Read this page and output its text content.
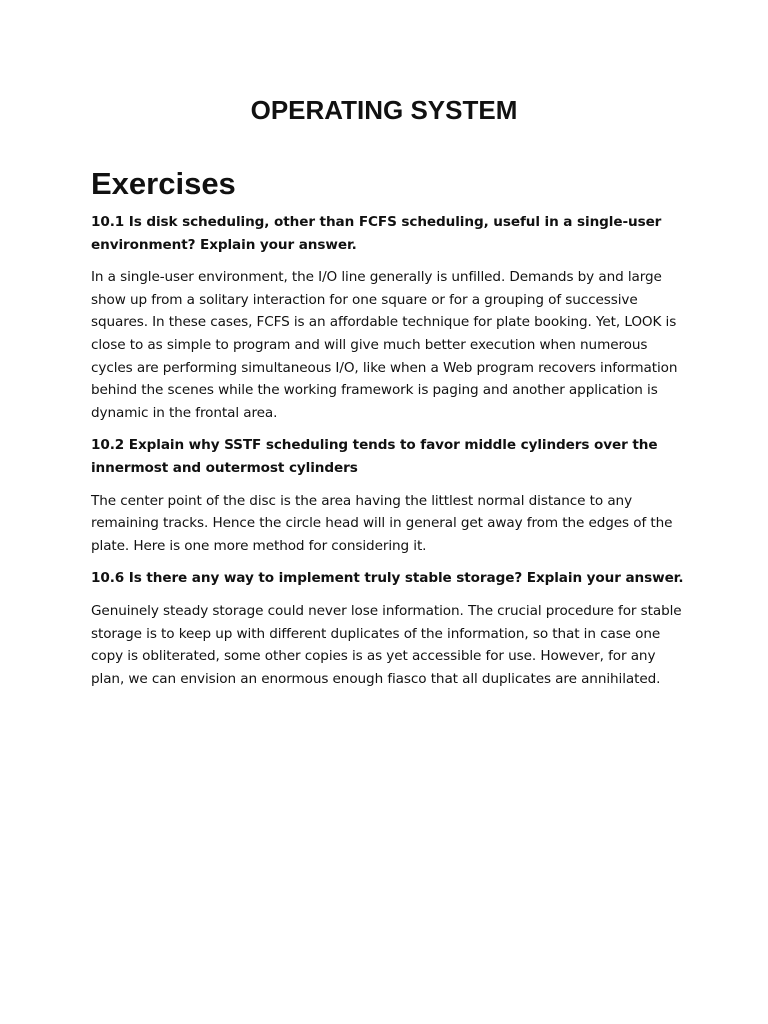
OPERATING SYSTEM
Exercises

10.1 Is disk scheduling, other than FCFS scheduling, useful in a single-user environment? Explain your answer.

In a single-user environment, the I/O line generally is unfilled. Demands by and large show up from a solitary interaction for one square or for a grouping of successive squares. In these cases, FCFS is an affordable technique for plate booking. Yet, LOOK is close to as simple to program and will give much better execution when numerous cycles are performing simultaneous I/O, like when a Web program recovers information behind the scenes while the working framework is paging and another application is dynamic in the frontal area.

10.2 Explain why SSTF scheduling tends to favor middle cylinders over the innermost and outermost cylinders

The center point of the disc is the area having the littlest normal distance to any remaining tracks. Hence the circle head will in general get away from the edges of the plate. Here is one more method for considering it.

10.6 Is there any way to implement truly stable storage? Explain your answer.

Genuinely steady storage could never lose information. The crucial procedure for stable storage is to keep up with different duplicates of the information, so that in case one copy is obliterated, some other copies is as yet accessible for use. However, for any plan, we can envision an enormous enough fiasco that all duplicates are annihilated.
